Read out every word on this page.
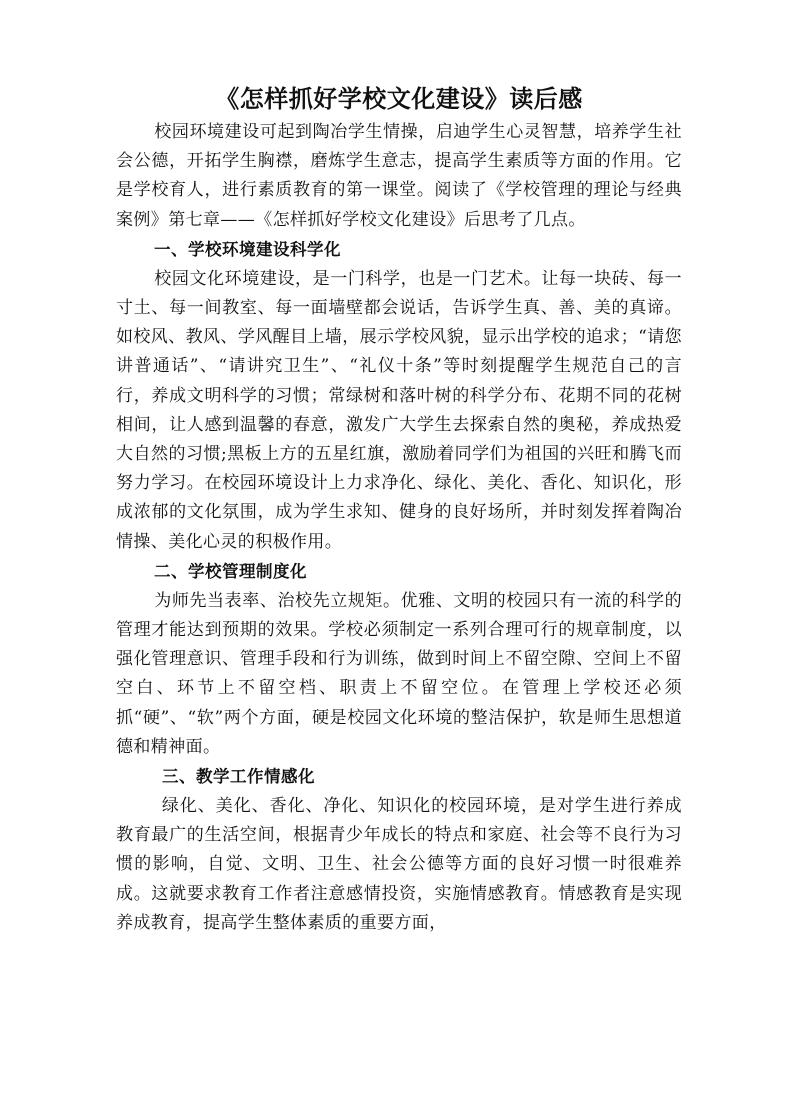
《怎样抓好学校文化建设》读后感

校园环境建设可起到陶冶学生情操，启迪学生心灵智慧，培养学生社会公德，开拓学生胸襟，磨炼学生意志，提高学生素质等方面的作用。它是学校育人，进行素质教育的第一课堂。阅读了《学校管理的理论与经典案例》第七章——《怎样抓好学校文化建设》后思考了几点。

一、学校环境建设科学化

校园文化环境建设，是一门科学，也是一门艺术。让每一块砖、每一寸土、每一间教室、每一面墙壁都会说话，告诉学生真、善、美的真谛。如校风、教风、学风醒目上墙，展示学校风貌，显示出学校的追求；“请您讲普通话”、“请讲究卫生”、“礼仪十条”等时刻提醒学生规范自己的言行，养成文明科学的习惯；常绿树和落叶树的科学分布、花期不同的花树相间，让人感到温馨的春意，激发广大学生去探索自然的奥秘，养成热爱大自然的习惯;黑板上方的五星红旗，激励着同学们为祖国的兴旺和腾飞而努力学习。在校园环境设计上力求净化、绿化、美化、香化、知识化，形成浓郁的文化氛围，成为学生求知、健身的良好场所，并时刻发挥着陶冶情操、美化心灵的积极作用。

二、学校管理制度化

为师先当表率、治校先立规矩。优雅、文明的校园只有一流的科学的管理才能达到预期的效果。学校必须制定一系列合理可行的规章制度，以强化管理意识、管理手段和行为训练，做到时间上不留空隙、空间上不留空白、环节上不留空档、职责上不留空位。在管理上学校还必须抓“硬”、“软”两个方面，硬是校园文化环境的整洁保护，软是师生思想道德和精神面。

三、教学工作情感化

绿化、美化、香化、净化、知识化的校园环境，是对学生进行养成教育最广的生活空间，根据青少年成长的特点和家庭、社会等不良行为习惯的影响，自觉、文明、卫生、社会公德等方面的良好习惯一时很难养成。这就要求教育工作者注意感情投资，实施情感教育。情感教育是实现养成教育，提高学生整体素质的重要方面，
